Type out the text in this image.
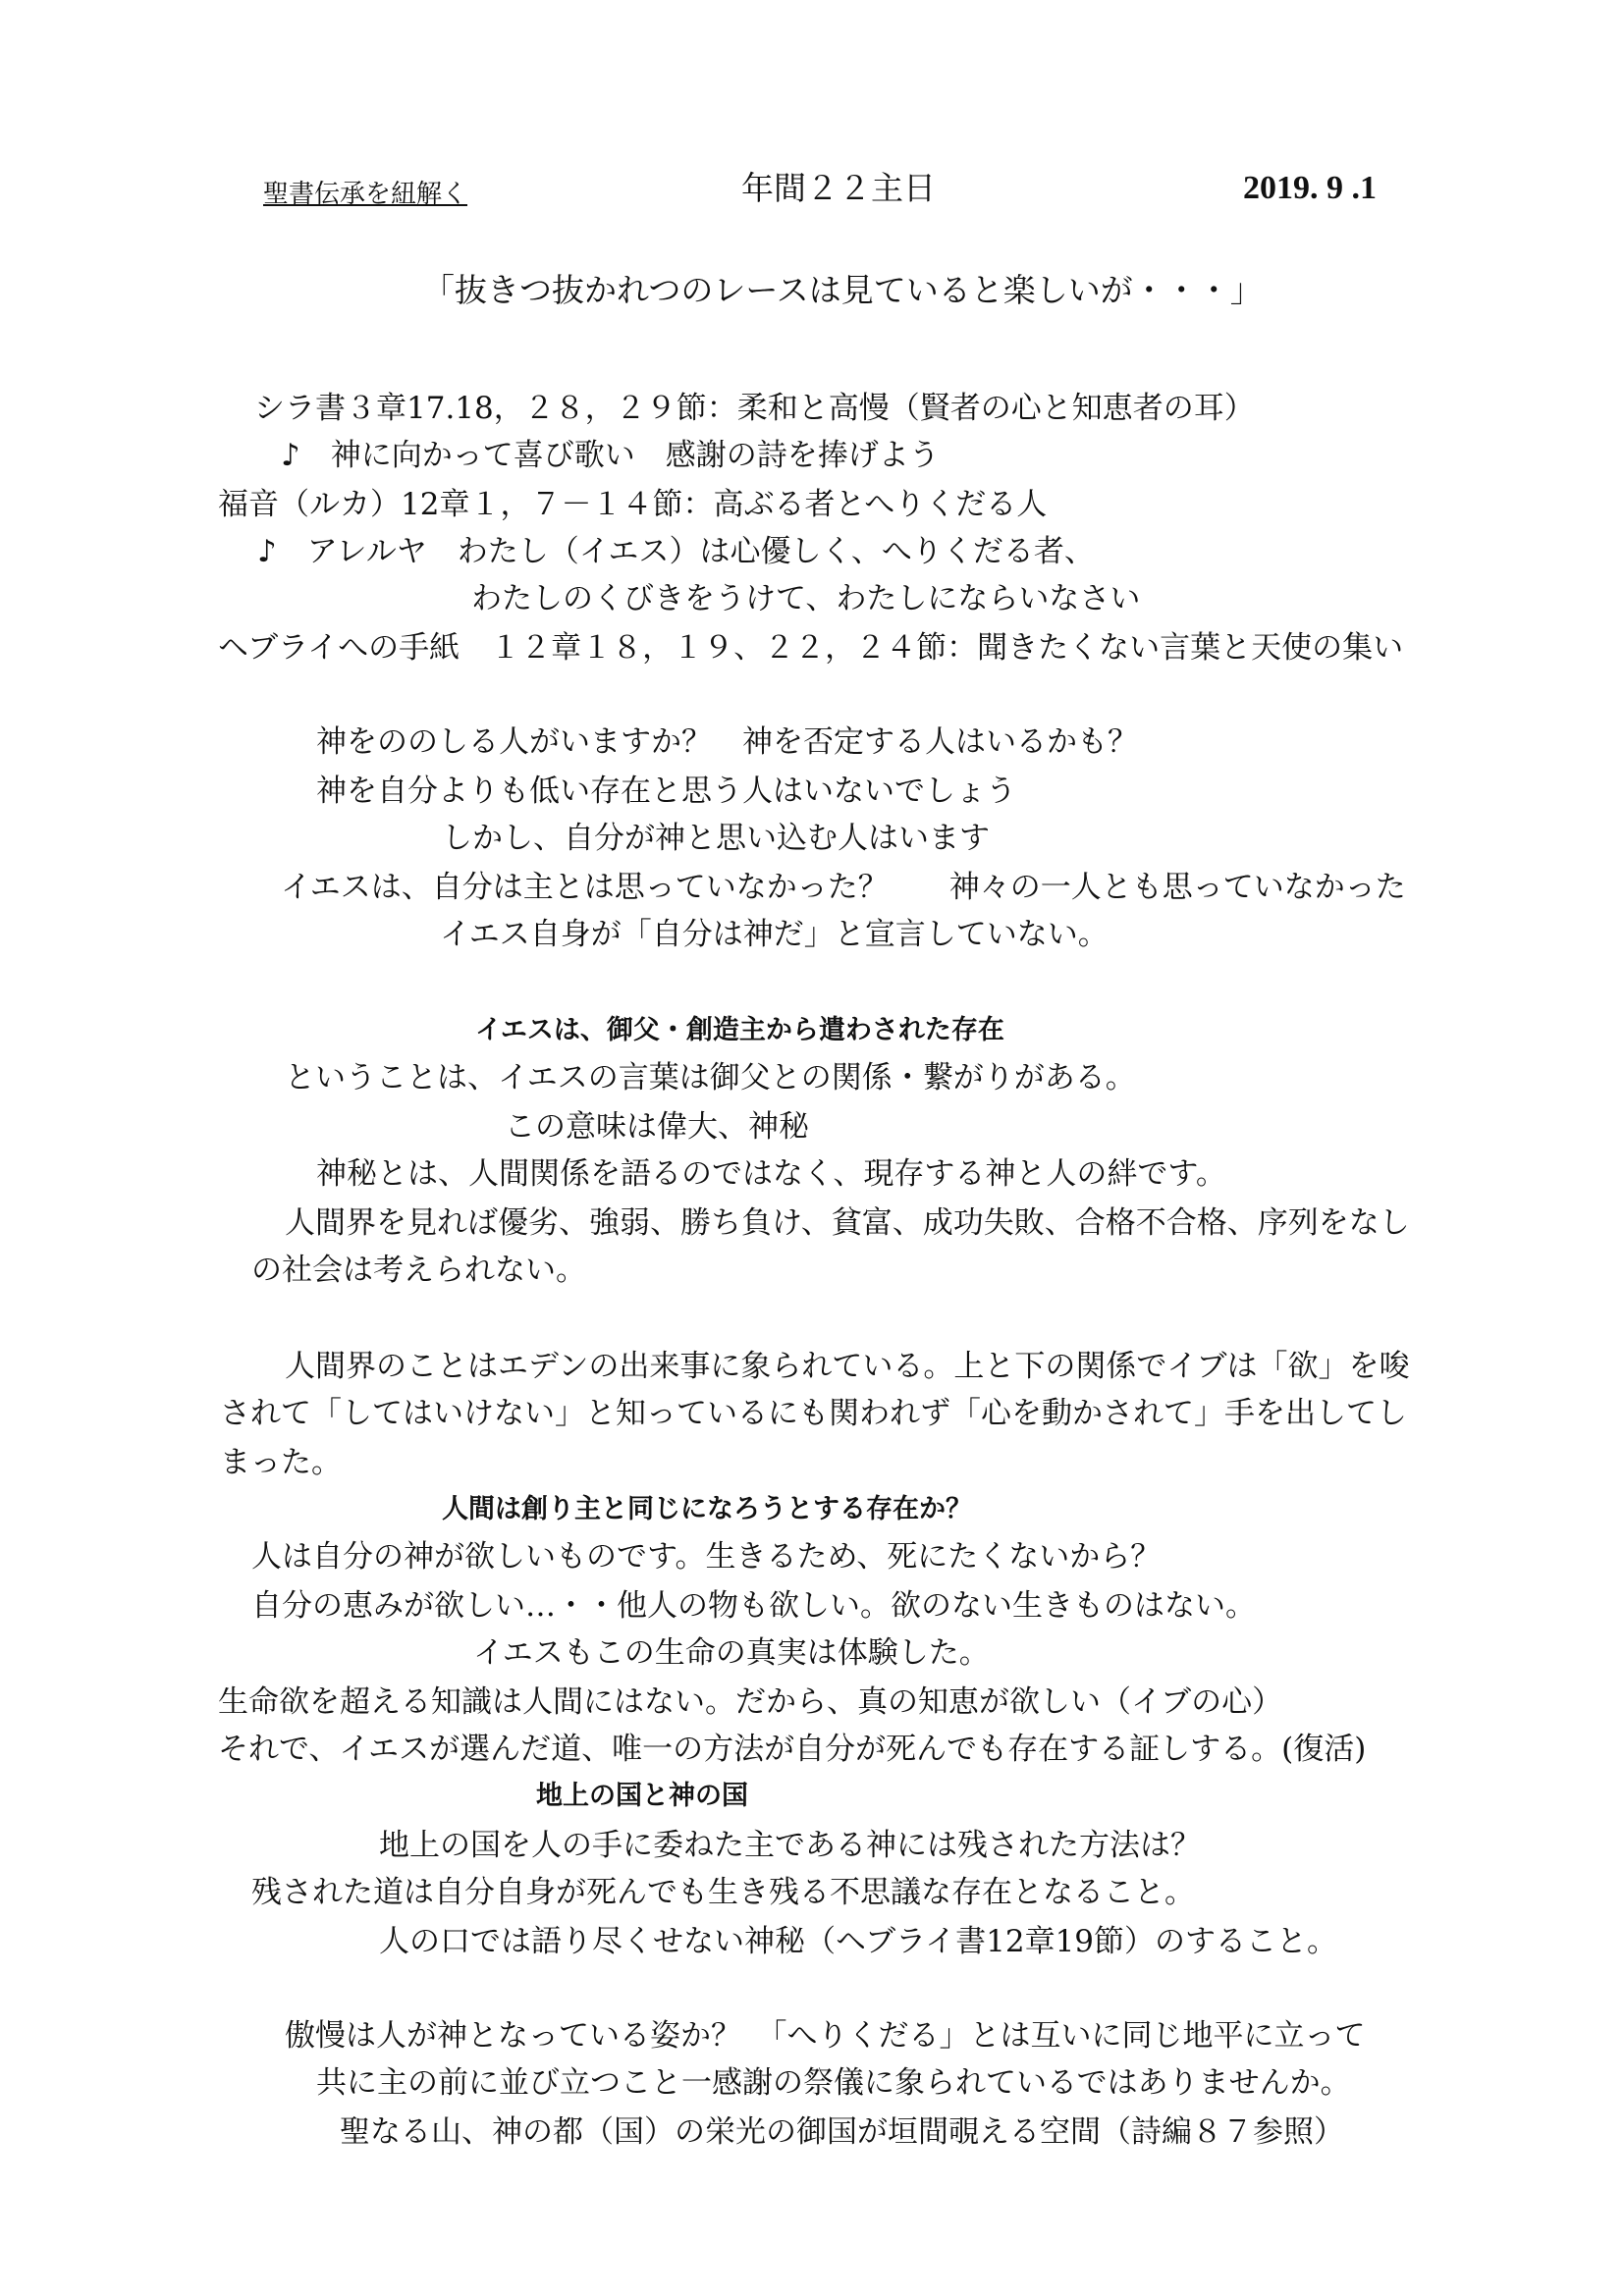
聖書伝承を紐解く	年間２２主日	2019. 9 .1
「抜きつ抜かれつのレースは見ていると楽しいが・・・」
シラ書３章17.18，２８，２９節：柔和と高慢（賢者の心と知恵者の耳）
♪　神に向かって喜び歌い　感謝の詩を捧げよう
福音（ルカ）12章１，７－１４節：高ぶる者とへりくだる人
♪　アレルヤ　わたし（イエス）は心優しく、へりくだる者、
わたしのくびきをうけて、わたしにならいなさい
ヘブライへの手紙　１２章１８，１９、２２，２４節：聞きたくない言葉と天使の集い
神をののしる人がいますか？　神を否定する人はいるかも？
神を自分よりも低い存在と思う人はいないでしょう
しかし、自分が神と思い込む人はいます
イエスは、自分は主とは思っていなかった？　　神々の一人とも思っていなかった
イエス自身が「自分は神だ」と宣言していない。
イエスは、御父・創造主から遣わされた存在
ということは、イエスの言葉は御父との関係・繋がりがある。
この意味は偉大、神秘
神秘とは、人間関係を語るのではなく、現存する神と人の絆です。
人間界を見れば優劣、強弱、勝ち負け、貧富、成功失敗、合格不合格、序列をなし
の社会は考えられない。
人間界のことはエデンの出来事に象られている。上と下の関係でイブは「欲」を唆
されて「してはいけない」と知っているにも関われず「心を動かされて」手を出してし
まった。
人間は創り主と同じになろうとする存在か？
人は自分の神が欲しいものです。生きるため、死にたくないから？
自分の恵みが欲しい…・・他人の物も欲しい。欲のない生きものはない。
イエスもこの生命の真実は体験した。
生命欲を超える知識は人間にはない。だから、真の知恵が欲しい（イブの心）
それで、イエスが選んだ道、唯一の方法が自分が死んでも存在する証しする。(復活)
地上の国と神の国
地上の国を人の手に委ねた主である神には残された方法は？
残された道は自分自身が死んでも生き残る不思議な存在となること。
人の口では語り尽くせない神秘（ヘブライ書12章19節）のすること。
傲慢は人が神となっている姿か？　「へりくだる」とは互いに同じ地平に立って
共に主の前に並び立つこと一感謝の祭儀に象られているではありませんか。
聖なる山、神の都（国）の栄光の御国が垣間覗える空間（詩編８７参照）
